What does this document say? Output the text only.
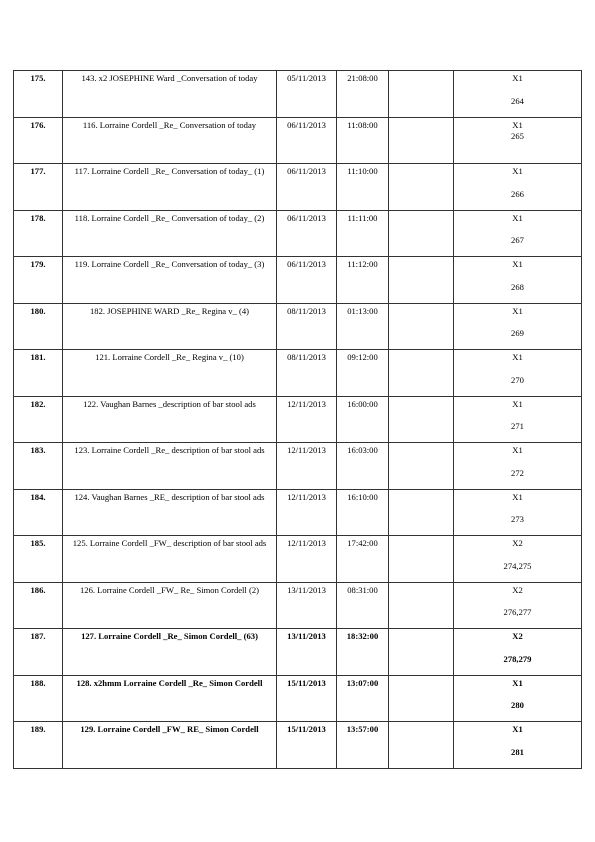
175.	143. x2 JOSEPHINE Ward _Conversation of today	05/11/2013	21:08:00		X1
264

176.	116. Lorraine Cordell _Re_ Conversation of today	06/11/2013	11:08:00		X1
265

177.	117. Lorraine Cordell _Re_ Conversation of today_ (1)	06/11/2013	11:10:00		X1
266

178.	118. Lorraine Cordell _Re_ Conversation of today_ (2)	06/11/2013	11:11:00		X1
267

179.	119. Lorraine Cordell _Re_ Conversation of today_ (3)	06/11/2013	11:12:00		X1
268

180.	182. JOSEPHINE WARD _Re_ Regina v_ (4)	08/11/2013	01:13:00		X1
269

181.	121. Lorraine Cordell _Re_ Regina v_ (10)	08/11/2013	09:12:00		X1
270

182.	122. Vaughan Barnes _description of bar stool ads	12/11/2013	16:00:00		X1
271

183.	123. Lorraine Cordell _Re_ description of bar stool ads	12/11/2013	16:03:00		X1
272

184.	124. Vaughan Barnes _RE_ description of bar stool ads	12/11/2013	16:10:00		X1
273

185.	125. Lorraine Cordell _FW_ description of bar stool ads	12/11/2013	17:42:00		X2
274,275

186.	126. Lorraine Cordell _FW_ Re_ Simon Cordell (2)	13/11/2013	08:31:00		X2
276,277

187.	127. Lorraine Cordell _Re_ Simon Cordell_ (63)	13/11/2013	18:32:00		X2
278,279

188.	128. x2hmm Lorraine Cordell _Re_ Simon Cordell	15/11/2013	13:07:00		X1
280

189.	129. Lorraine Cordell _FW_ RE_ Simon Cordell	15/11/2013	13:57:00		X1
281
